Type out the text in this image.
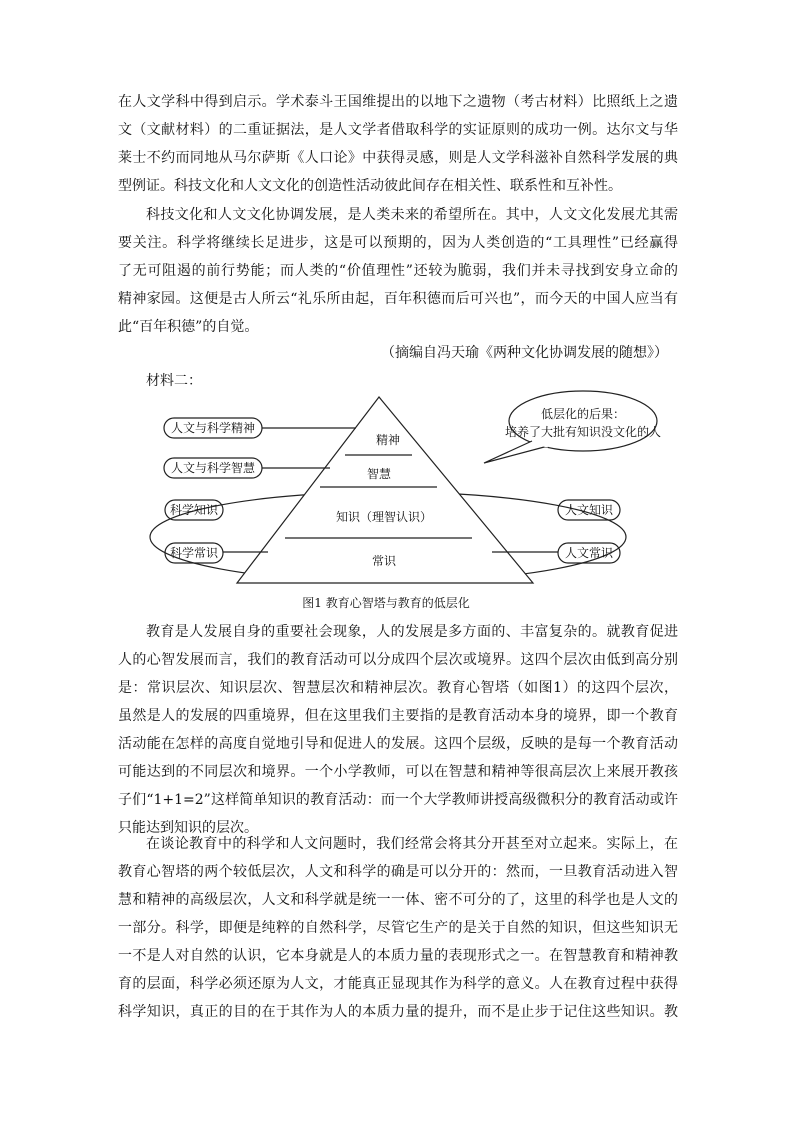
在人文学科中得到启示。学术泰斗王国维提出的以地下之遗物（考古材料）比照纸上之遗
文（文献材料）的二重证据法，是人文学者借取科学的实证原则的成功一例。达尔文与华
莱士不约而同地从马尔萨斯《人口论》中获得灵感，则是人文学科滋补自然科学发展的典
型例证。科技文化和人文文化的创造性活动彼此间存在相关性、联系性和互补性。
科技文化和人文文化协调发展，是人类未来的希望所在。其中，人文文化发展尤其需
要关注。科学将继续长足进步，这是可以预期的，因为人类创造的“工具理性”已经赢得
了无可阻遏的前行势能；而人类的“价值理性”还较为脆弱，我们并未寻找到安身立命的
精神家园。这便是古人所云“礼乐所由起，百年积德而后可兴也”，而今天的中国人应当有
此“百年积德”的自觉。
（摘编自冯天瑜《两种文化协调发展的随想》）
材料二：
精神
智慧
知识（理智认识）
常识
人文与科学精神
人文与科学智慧
科学知识
科学常识
人文知识
人文常识
低层化的后果：
培养了大批有知识没文化的人
图1 教育心智塔与教育的低层化
教育是人发展自身的重要社会现象，人的发展是多方面的、丰富复杂的。就教育促进
人的心智发展而言，我们的教育活动可以分成四个层次或境界。这四个层次由低到高分别
是：常识层次、知识层次、智慧层次和精神层次。教育心智塔（如图1）的这四个层次，
虽然是人的发展的四重境界，但在这里我们主要指的是教育活动本身的境界，即一个教育
活动能在怎样的高度自觉地引导和促进人的发展。这四个层级，反映的是每一个教育活动
可能达到的不同层次和境界。一个小学教师，可以在智慧和精神等很高层次上来展开教孩
子们“1+1=2”这样简单知识的教育活动：而一个大学教师讲授高级微积分的教育活动或许
只能达到知识的层次。
在谈论教育中的科学和人文问题时，我们经常会将其分开甚至对立起来。实际上，在
教育心智塔的两个较低层次，人文和科学的确是可以分开的：然而，一旦教育活动进入智
慧和精神的高级层次，人文和科学就是统一一体、密不可分的了，这里的科学也是人文的
一部分。科学，即便是纯粹的自然科学，尽管它生产的是关于自然的知识，但这些知识无
一不是人对自然的认识，它本身就是人的本质力量的表现形式之一。在智慧教育和精神教
育的层面，科学必须还原为人文，才能真正显现其作为科学的意义。人在教育过程中获得
科学知识，真正的目的在于其作为人的本质力量的提升，而不是止步于记住这些知识。教
